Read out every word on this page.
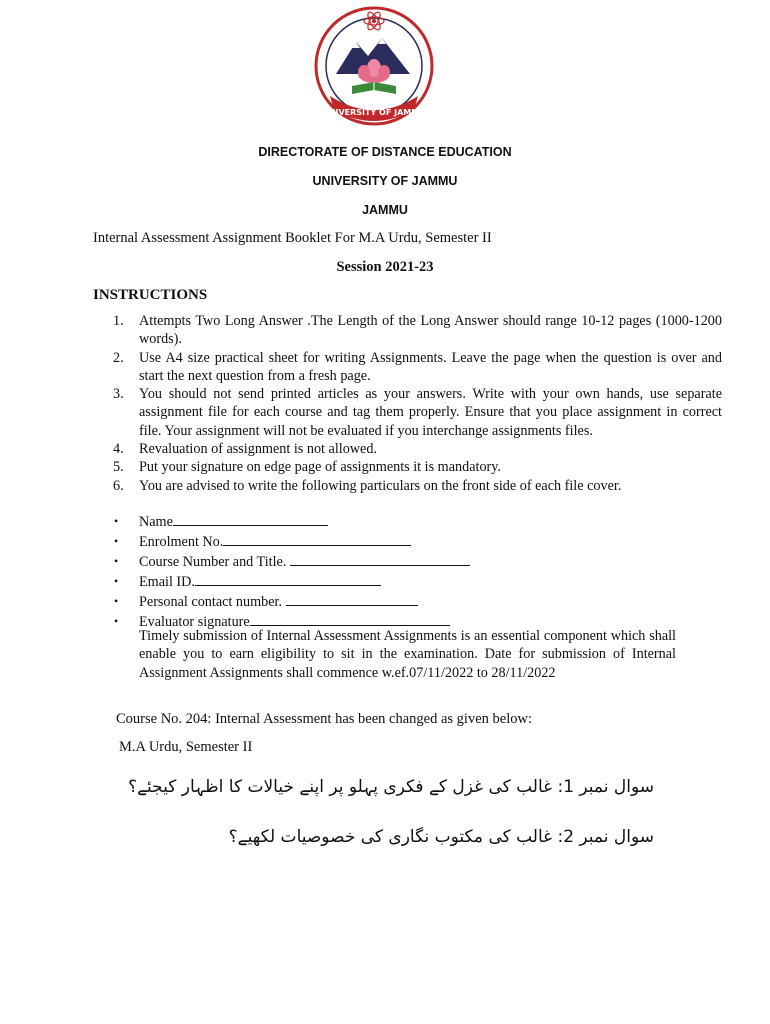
UNIVERSITY OF JAMMU
DIRECTORATE OF DISTANCE EDUCATION
UNIVERSITY OF JAMMU
JAMMU
Internal Assessment Assignment Booklet For M.A Urdu, Semester II
Session 2021-23
INSTRUCTIONS
1. Attempts Two Long Answer .The Length of the Long Answer should range 10-12 pages (1000-1200 words).
2. Use A4 size practical sheet for writing Assignments. Leave the page when the question is over and start the next question from a fresh page.
3. You should not send printed articles as your answers. Write with your own hands, use separate assignment file for each course and tag them properly. Ensure that you place assignment in correct file. Your assignment will not be evaluated if you interchange assignments files.
4. Revaluation of assignment is not allowed.
5. Put your signature on edge page of assignments it is mandatory.
6. You are advised to write the following particulars on the front side of each file cover.
• Name
• Enrolment No.
• Course Number and Title.
• Email ID.
• Personal contact number.
• Evaluator signature
Timely submission of Internal Assessment Assignments is an essential component which shall enable you to earn eligibility to sit in the examination. Date for submission of Internal Assignment Assignments shall commence w.ef.07/11/2022 to 28/11/2022
Course No. 204: Internal Assessment has been changed as given below:
M.A Urdu, Semester II
سوال نمبر 1: غالب کی غزل کے فکری پہلو پر اپنے خیالات کا اظہار کیجئے؟
سوال نمبر 2: غالب کی مکتوب نگاری کی خصوصیات لکھیے؟
